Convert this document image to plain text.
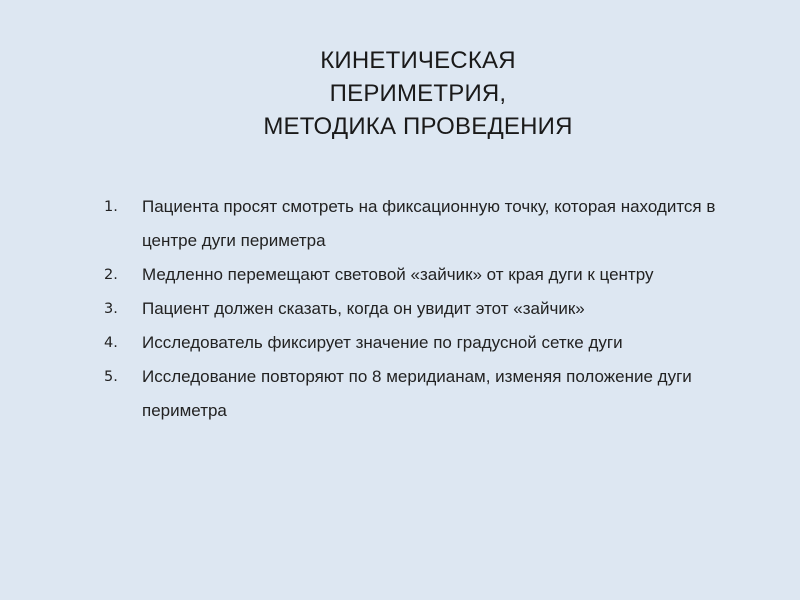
КИНЕТИЧЕСКАЯ
ПЕРИМЕТРИЯ,
МЕТОДИКА ПРОВЕДЕНИЯ
1. Пациента просят смотреть на фиксационную точку, которая находится в центре дуги периметра
2. Медленно перемещают световой «зайчик» от края дуги к центру
3. Пациент должен сказать, когда он увидит этот «зайчик»
4. Исследователь фиксирует значение по градусной сетке дуги
5. Исследование повторяют по 8 меридианам, изменяя положение дуги периметра
